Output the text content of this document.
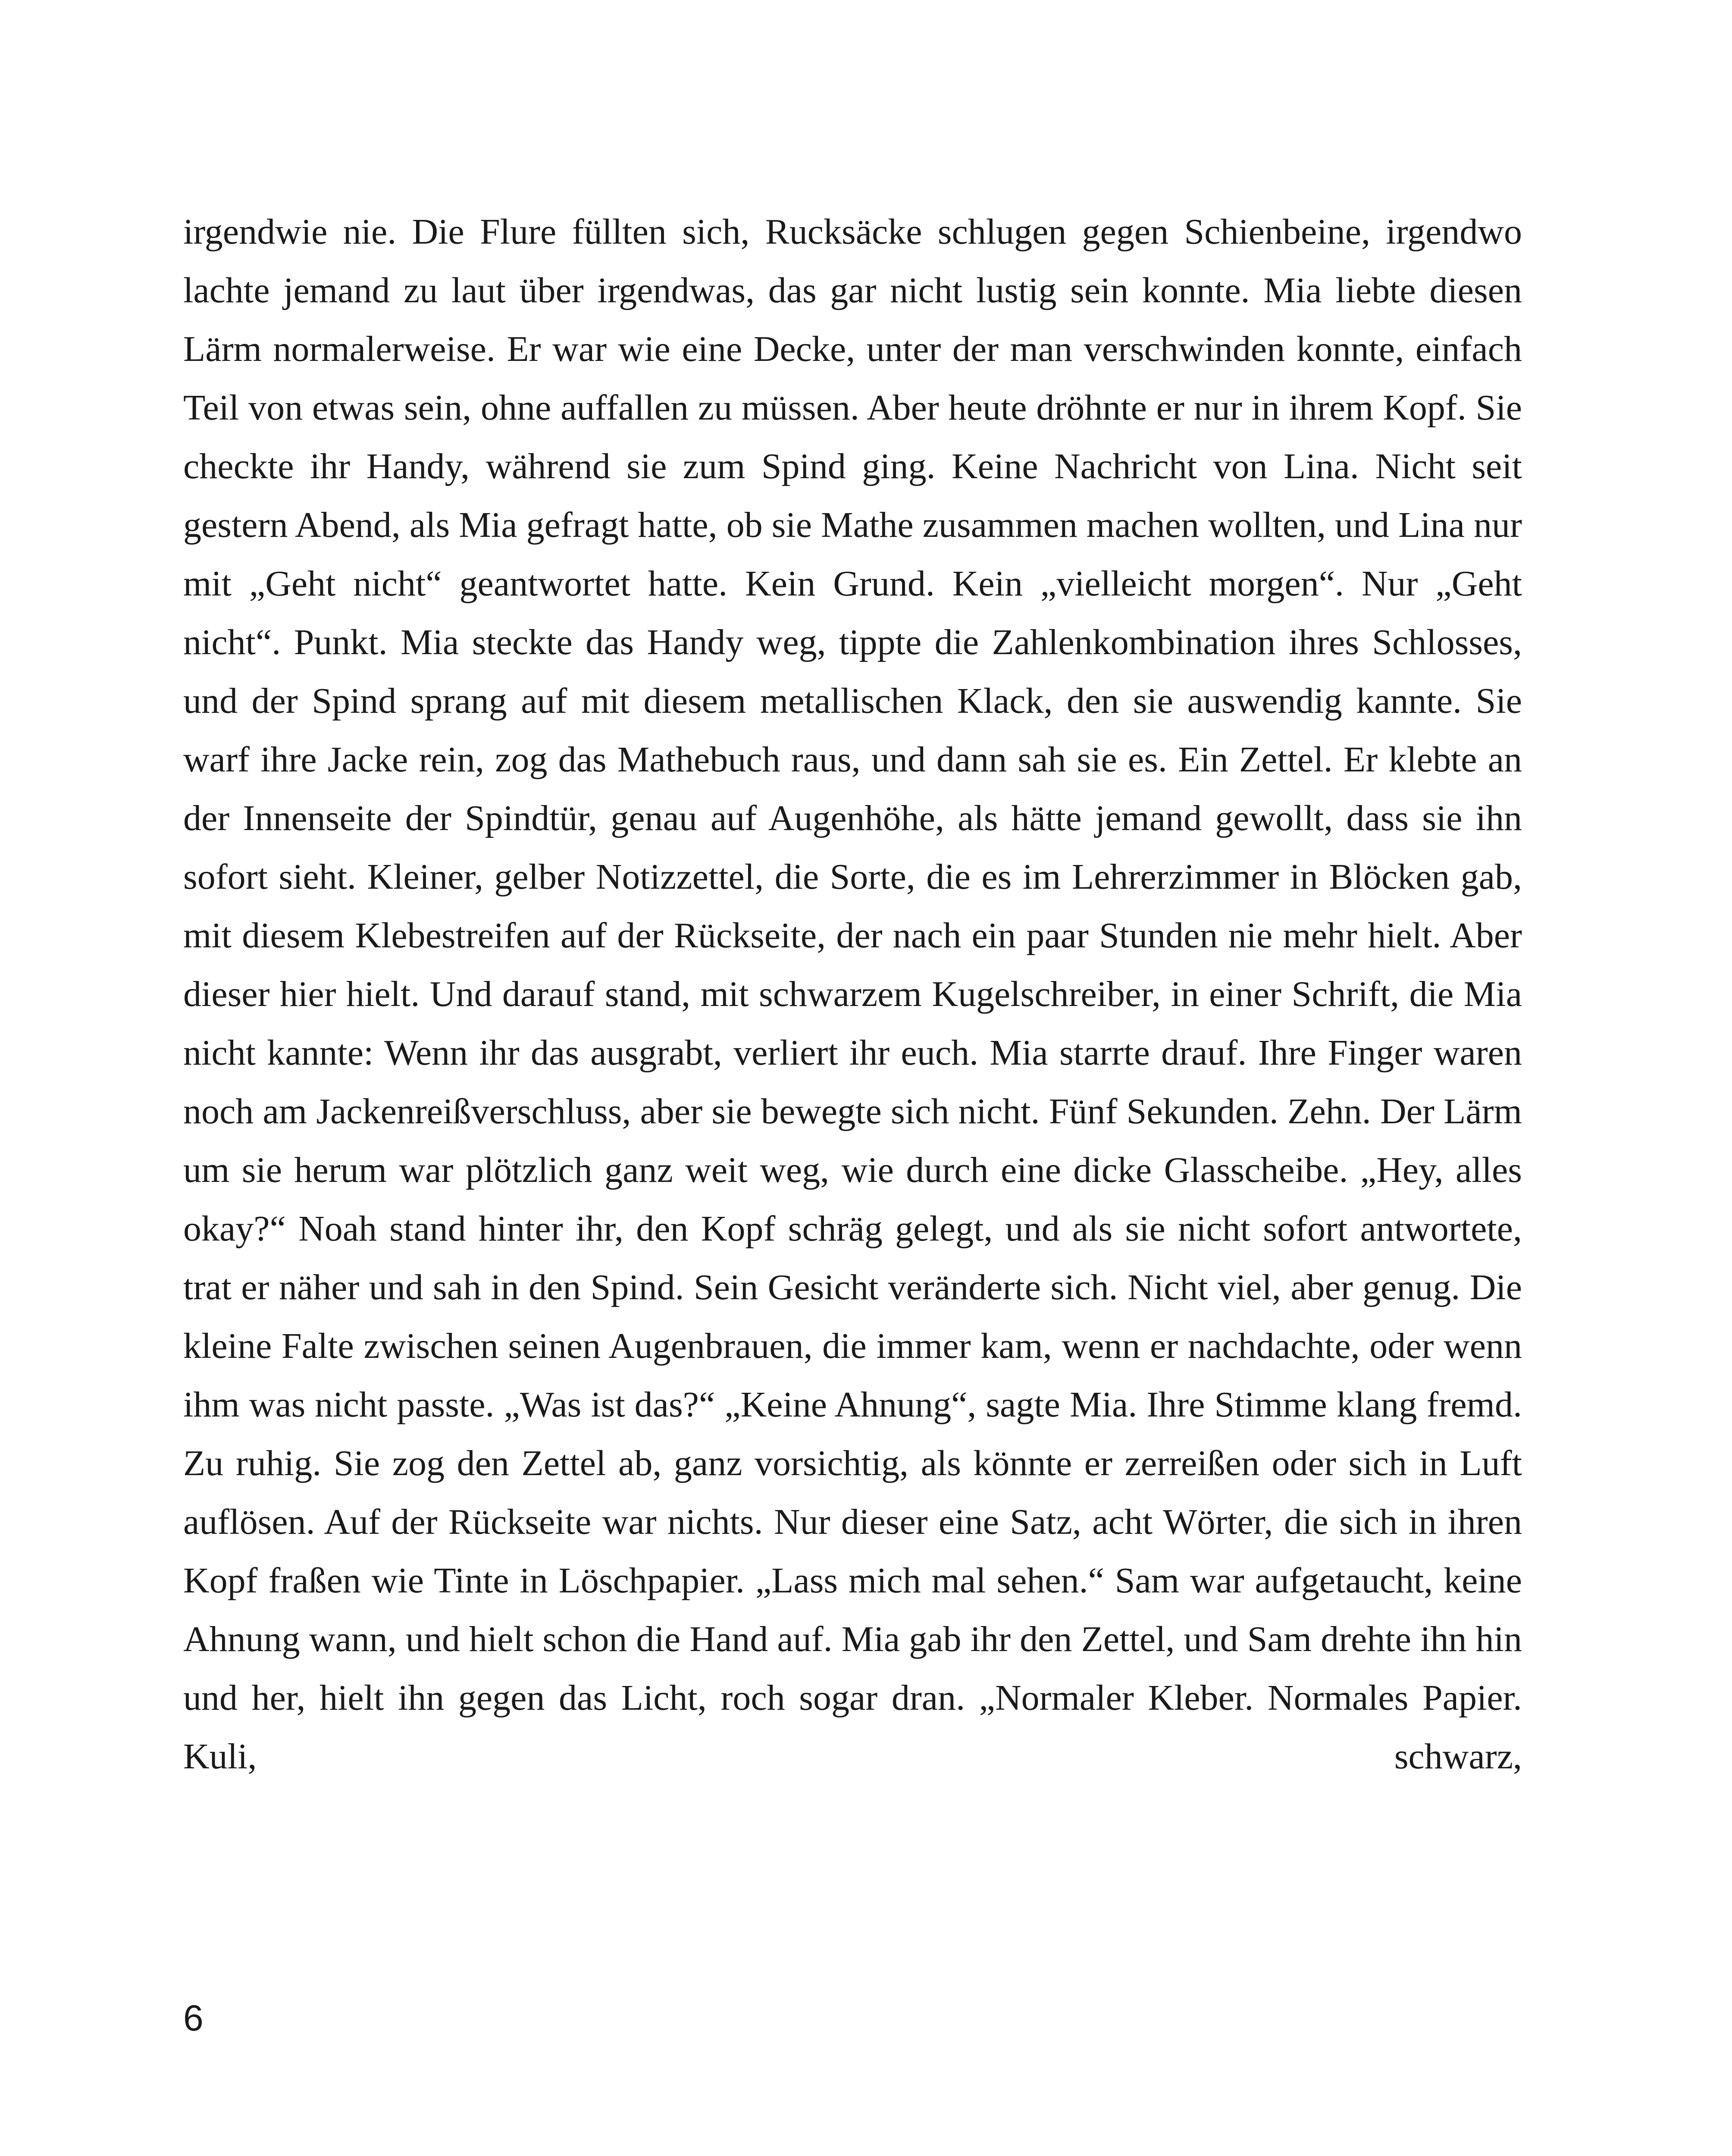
irgendwie nie. Die Flure füllten sich, Rucksäcke schlugen gegen Schienbeine, irgendwo lachte jemand zu laut über irgendwas, das gar nicht lustig sein konnte. Mia liebte diesen Lärm normalerweise. Er war wie eine Decke, unter der man verschwinden konnte, einfach Teil von etwas sein, ohne auffallen zu müssen. Aber heute dröhnte er nur in ihrem Kopf. Sie checkte ihr Handy, während sie zum Spind ging. Keine Nachricht von Lina. Nicht seit gestern Abend, als Mia gefragt hatte, ob sie Mathe zusammen machen wollten, und Lina nur mit „Geht nicht“ geantwortet hatte. Kein Grund. Kein „vielleicht morgen“. Nur „Geht nicht“. Punkt. Mia steckte das Handy weg, tippte die Zahlenkombination ihres Schlosses, und der Spind sprang auf mit diesem metallischen Klack, den sie auswendig kannte. Sie warf ihre Jacke rein, zog das Mathebuch raus, und dann sah sie es. Ein Zettel. Er klebte an der Innenseite der Spindtür, genau auf Augenhöhe, als hätte jemand gewollt, dass sie ihn sofort sieht. Kleiner, gelber Notizzettel, die Sorte, die es im Lehrerzimmer in Blöcken gab, mit diesem Klebestreifen auf der Rückseite, der nach ein paar Stunden nie mehr hielt. Aber dieser hier hielt. Und darauf stand, mit schwarzem Kugelschreiber, in einer Schrift, die Mia nicht kannte: Wenn ihr das ausgrabt, verliert ihr euch. Mia starrte drauf. Ihre Finger waren noch am Jackenreißverschluss, aber sie bewegte sich nicht. Fünf Sekunden. Zehn. Der Lärm um sie herum war plötzlich ganz weit weg, wie durch eine dicke Glasscheibe. „Hey, alles okay?“ Noah stand hinter ihr, den Kopf schräg gelegt, und als sie nicht sofort antwortete, trat er näher und sah in den Spind. Sein Gesicht veränderte sich. Nicht viel, aber genug. Die kleine Falte zwischen seinen Augenbrauen, die immer kam, wenn er nachdachte, oder wenn ihm was nicht passte. „Was ist das?“ „Keine Ahnung“, sagte Mia. Ihre Stimme klang fremd. Zu ruhig. Sie zog den Zettel ab, ganz vorsichtig, als könnte er zerreißen oder sich in Luft auflösen. Auf der Rückseite war nichts. Nur dieser eine Satz, acht Wörter, die sich in ihren Kopf fraßen wie Tinte in Löschpapier. „Lass mich mal sehen.“ Sam war aufgetaucht, keine Ahnung wann, und hielt schon die Hand auf. Mia gab ihr den Zettel, und Sam drehte ihn hin und her, hielt ihn gegen das Licht, roch sogar dran. „Normaler Kleber. Normales Papier. Kuli, schwarz,

6
